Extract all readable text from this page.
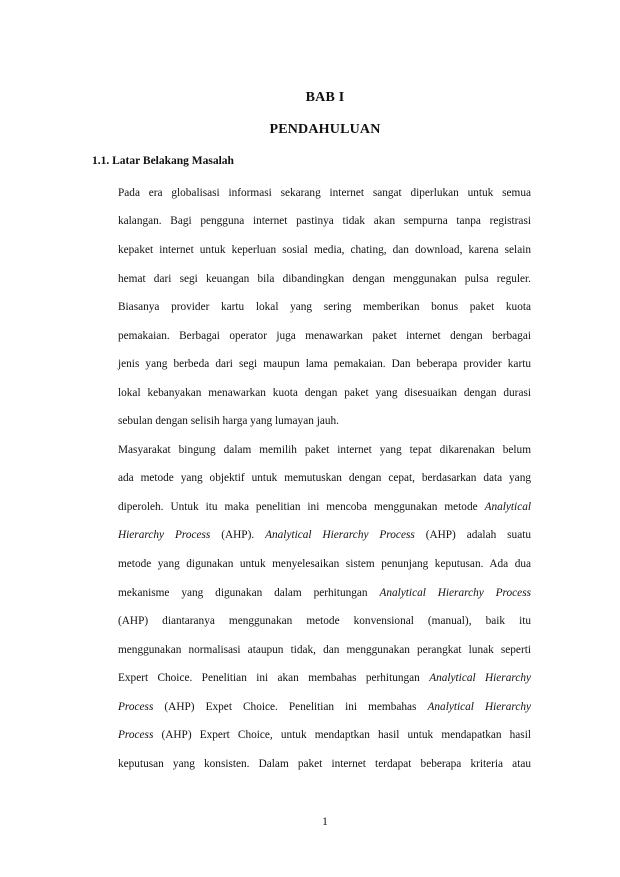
BAB I
PENDAHULUAN
1.1. Latar Belakang Masalah
Pada era globalisasi informasi sekarang internet sangat diperlukan untuk semua
kalangan. Bagi pengguna internet pastinya tidak akan sempurna tanpa registrasi
kepaket internet untuk keperluan sosial media, chating, dan download, karena selain
hemat dari segi keuangan bila dibandingkan dengan menggunakan pulsa reguler.
Biasanya provider kartu lokal yang sering memberikan bonus paket kuota
pemakaian. Berbagai operator juga menawarkan paket internet dengan berbagai
jenis yang berbeda dari segi maupun lama pemakaian. Dan beberapa provider kartu
lokal kebanyakan menawarkan kuota dengan paket yang disesuaikan dengan durasi
sebulan dengan selisih harga yang lumayan jauh.
Masyarakat bingung dalam memilih paket internet yang tepat dikarenakan belum
ada metode yang objektif untuk memutuskan dengan cepat, berdasarkan data yang
diperoleh. Untuk itu maka penelitian ini mencoba menggunakan metode Analytical
Hierarchy Process (AHP). Analytical Hierarchy Process (AHP) adalah suatu
metode yang digunakan untuk menyelesaikan sistem penunjang keputusan. Ada dua
mekanisme yang digunakan dalam perhitungan Analytical Hierarchy Process
(AHP) diantaranya menggunakan metode konvensional (manual), baik itu
menggunakan normalisasi ataupun tidak, dan menggunakan perangkat lunak seperti
Expert Choice. Penelitian ini akan membahas perhitungan Analytical Hierarchy
Process (AHP) Expet Choice. Penelitian ini membahas Analytical Hierarchy
Process (AHP) Expert Choice, untuk mendaptkan hasil untuk mendapatkan hasil
keputusan yang konsisten. Dalam paket internet terdapat beberapa kriteria atau
1
